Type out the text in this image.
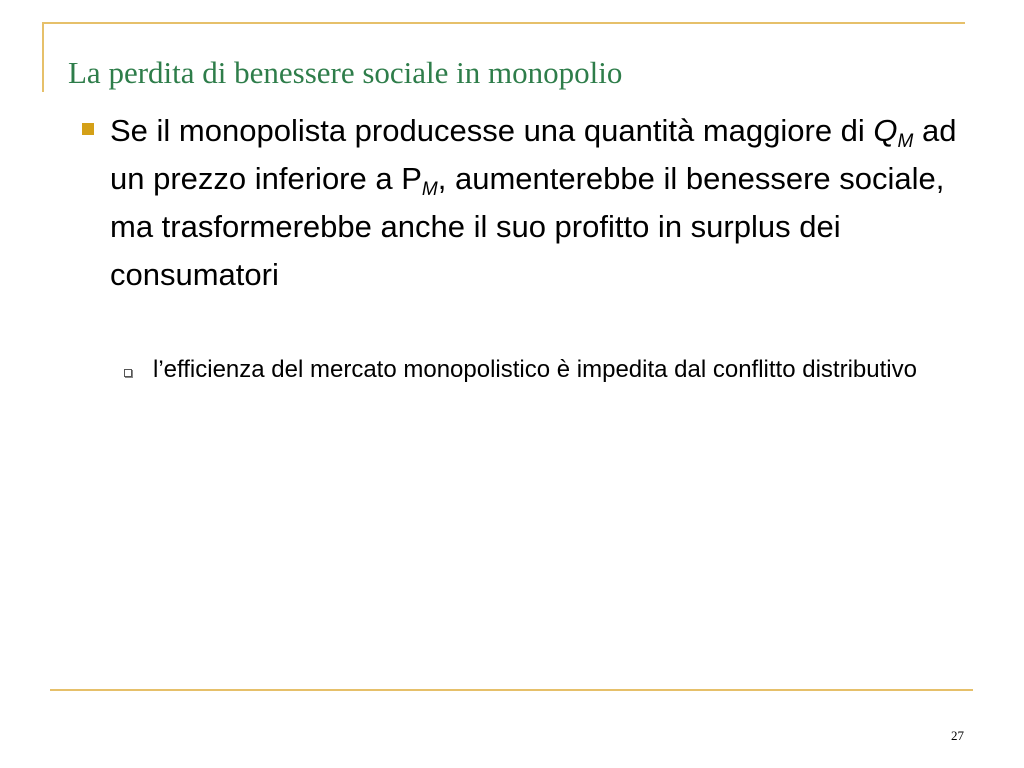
La perdita di benessere sociale in monopolio
Se il monopolista producesse una quantità maggiore di $Q_M$ ad un prezzo inferiore a $P_M$, aumenterebbe il benessere sociale, ma trasformerebbe anche il suo profitto in surplus dei consumatori
l’efficienza del mercato monopolistico è impedita dal conflitto distributivo
27
